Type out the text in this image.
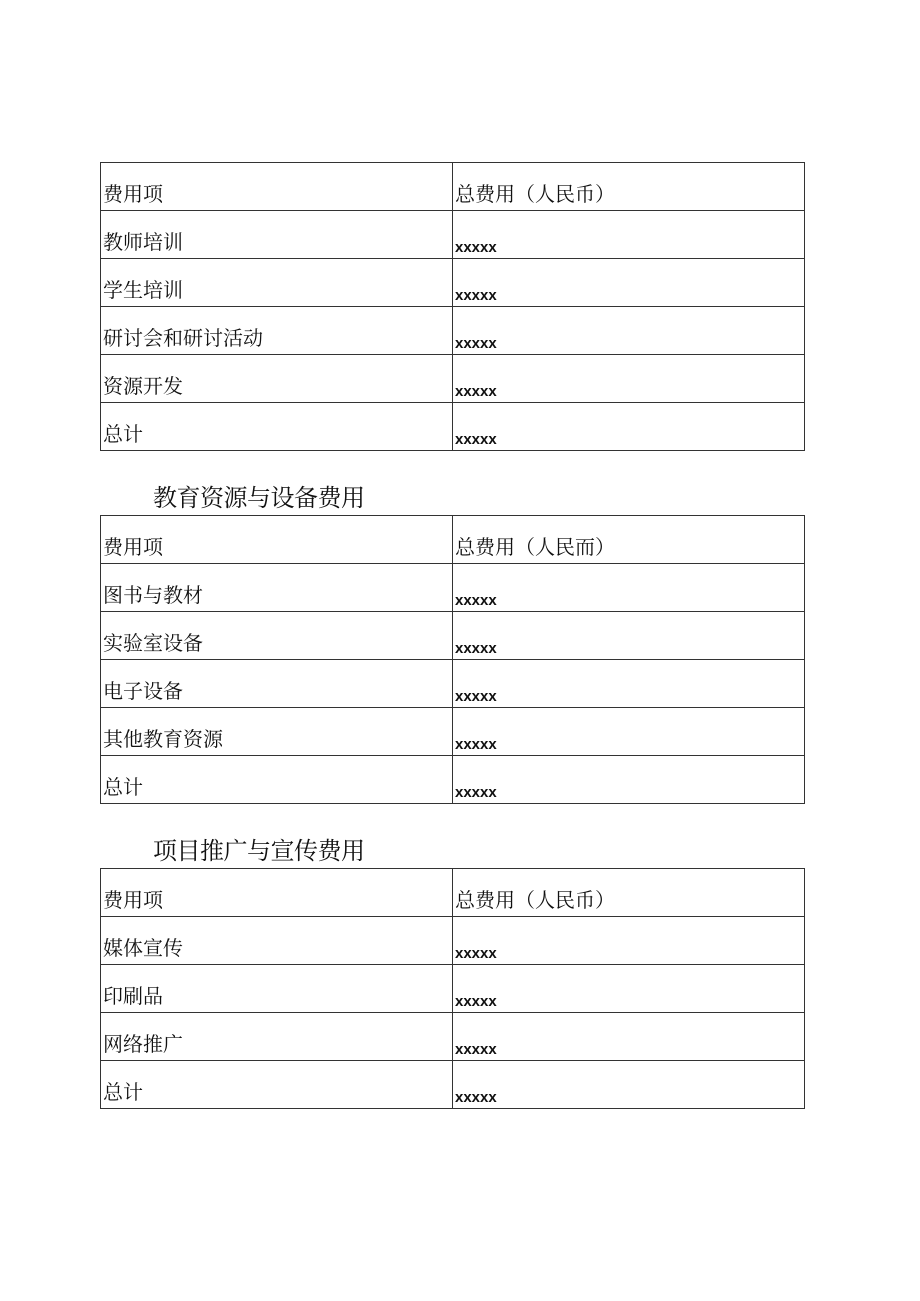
费用项	总费用（人民币）
教师培训	xxxxx
学生培训	xxxxx
研讨会和研讨活动	xxxxx
资源开发	xxxxx
总计	xxxxx
教育资源与设备费用
费用项	总费用（人民而）
图书与教材	xxxxx
实验室设备	xxxxx
电子设备	xxxxx
其他教育资源	xxxxx
总计	xxxxx
项目推广与宣传费用
费用项	总费用（人民币）
媒体宣传	xxxxx
印刷品	xxxxx
网络推广	xxxxx
总计	xxxxx
